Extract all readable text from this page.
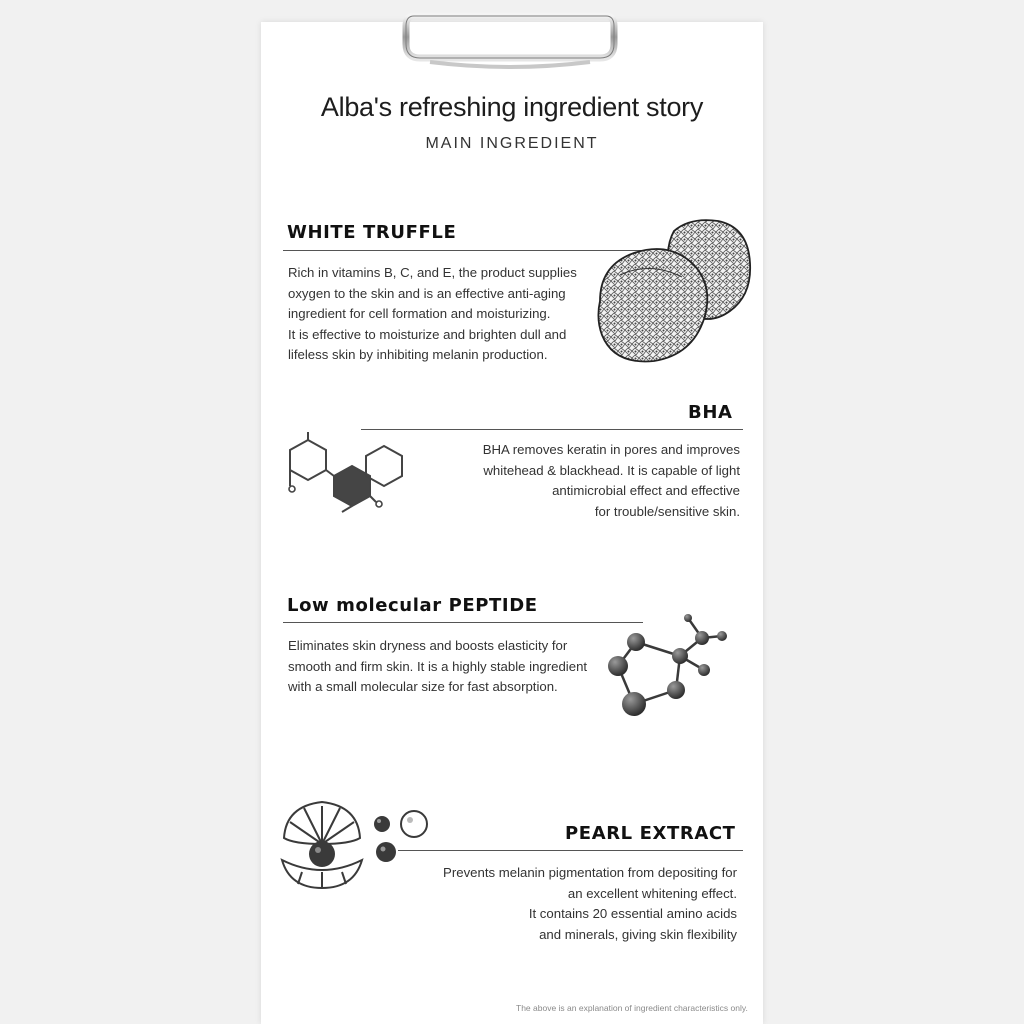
Alba's refreshing ingredient story
MAIN INGREDIENT
WHITE TRUFFLE
Rich in vitamins B, C, and E, the product supplies
oxygen to the skin and is an effective anti-aging
ingredient for cell formation and moisturizing.
It is effective to moisturize and brighten dull and
lifeless skin by inhibiting melanin production.
BHA
BHA removes keratin in pores and improves
whitehead & blackhead. It is capable of light
antimicrobial effect and effective
for trouble/sensitive skin.
Low molecular PEPTIDE
Eliminates skin dryness and boosts elasticity for
smooth and firm skin. It is a highly stable ingredient
with a small molecular size for fast absorption.
PEARL EXTRACT
Prevents melanin pigmentation from depositing for
an excellent whitening effect.
It contains 20 essential amino acids
and minerals, giving skin flexibility
The above is an explanation of ingredient characteristics only.
